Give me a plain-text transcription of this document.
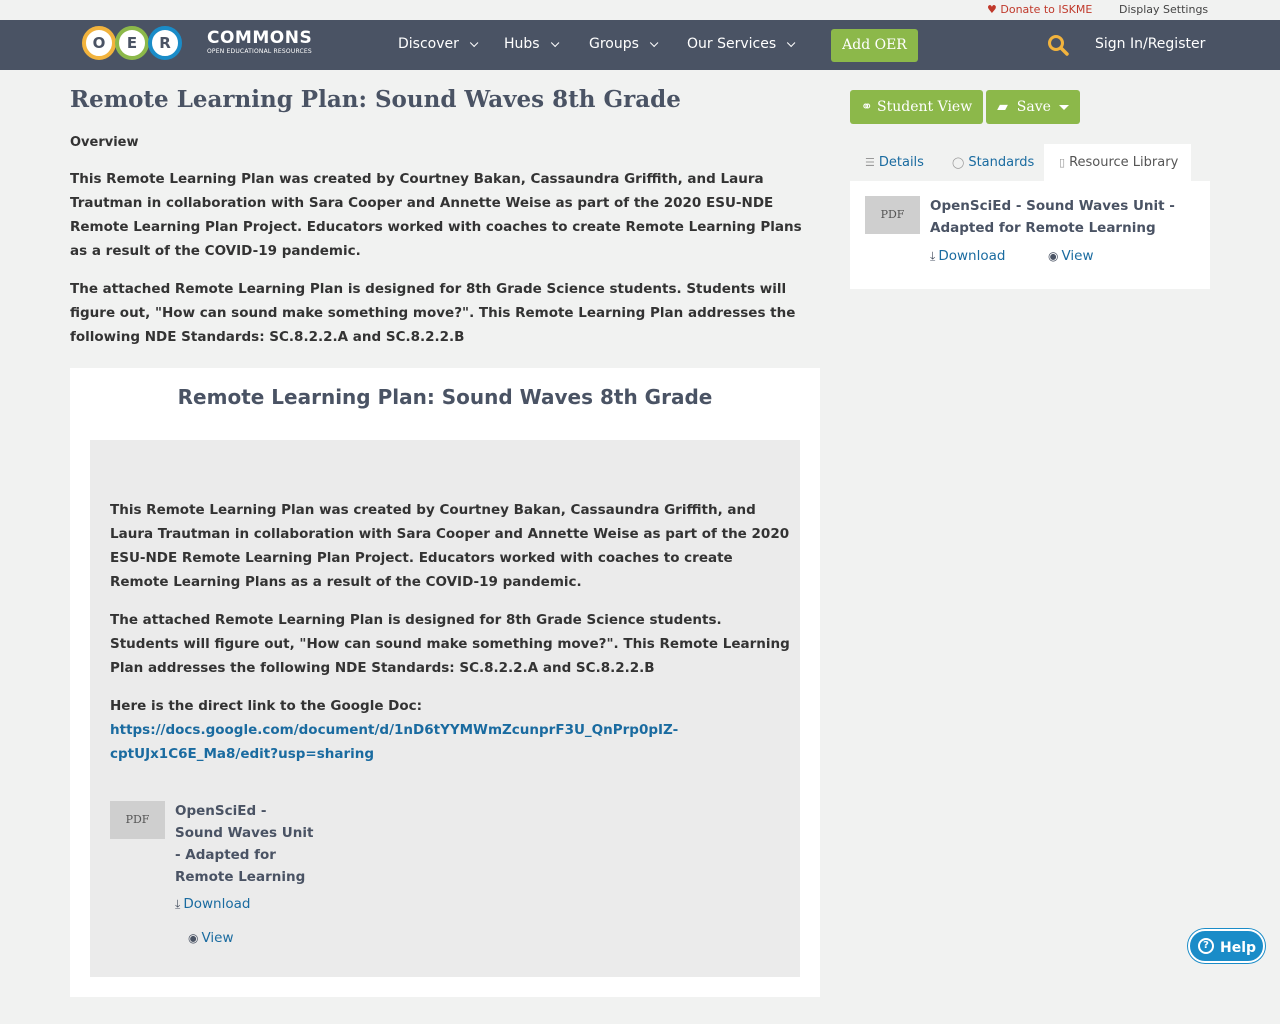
♥ Donate to ISKME Display Settings
O	E	R	COMMONS
OPEN EDUCATIONAL RESOURCES	Discover	Hubs	Groups	Our Services	Add OER	Sign In/Register
Remote Learning Plan: Sound Waves 8th Grade
Overview

This Remote Learning Plan was created by Courtney Bakan, Cassaundra Griffith, and Laura Trautman in collaboration with Sara Cooper and Annette Weise as part of the 2020 ESU-NDE Remote Learning Plan Project. Educators worked with coaches to create Remote Learning Plans as a result of the COVID-19 pandemic.

The attached Remote Learning Plan is designed for 8th Grade Science students. Students will figure out, "How can sound make something move?". This Remote Learning Plan addresses the following NDE Standards: SC.8.2.2.A and SC.8.2.2.B

Remote Learning Plan: Sound Waves 8th Grade

This Remote Learning Plan was created by Courtney Bakan, Cassaundra Griffith, and Laura Trautman in collaboration with Sara Cooper and Annette Weise as part of the 2020 ESU-NDE Remote Learning Plan Project. Educators worked with coaches to create Remote Learning Plans as a result of the COVID-19 pandemic.

The attached Remote Learning Plan is designed for 8th Grade Science students. Students will figure out, "How can sound make something move?". This Remote Learning Plan addresses the following NDE Standards: SC.8.2.2.A and SC.8.2.2.B

Here is the direct link to the Google Doc: https://docs.google.com/document/d/1nD6tYYMWmZcunprF3U_QnPrp0pIZ-cptUJx1C6E_Ma8/edit?usp=sharing

PDF
OpenSciEd - Sound Waves Unit - Adapted for Remote Learning
⤓ Download
◉ View
⚭ Student View	▰ Save
☰ Details	◯ Standards	▯ Resource Library
PDF
OpenSciEd - Sound Waves Unit - Adapted for Remote Learning
⤓ Download	◉ View
? Help
